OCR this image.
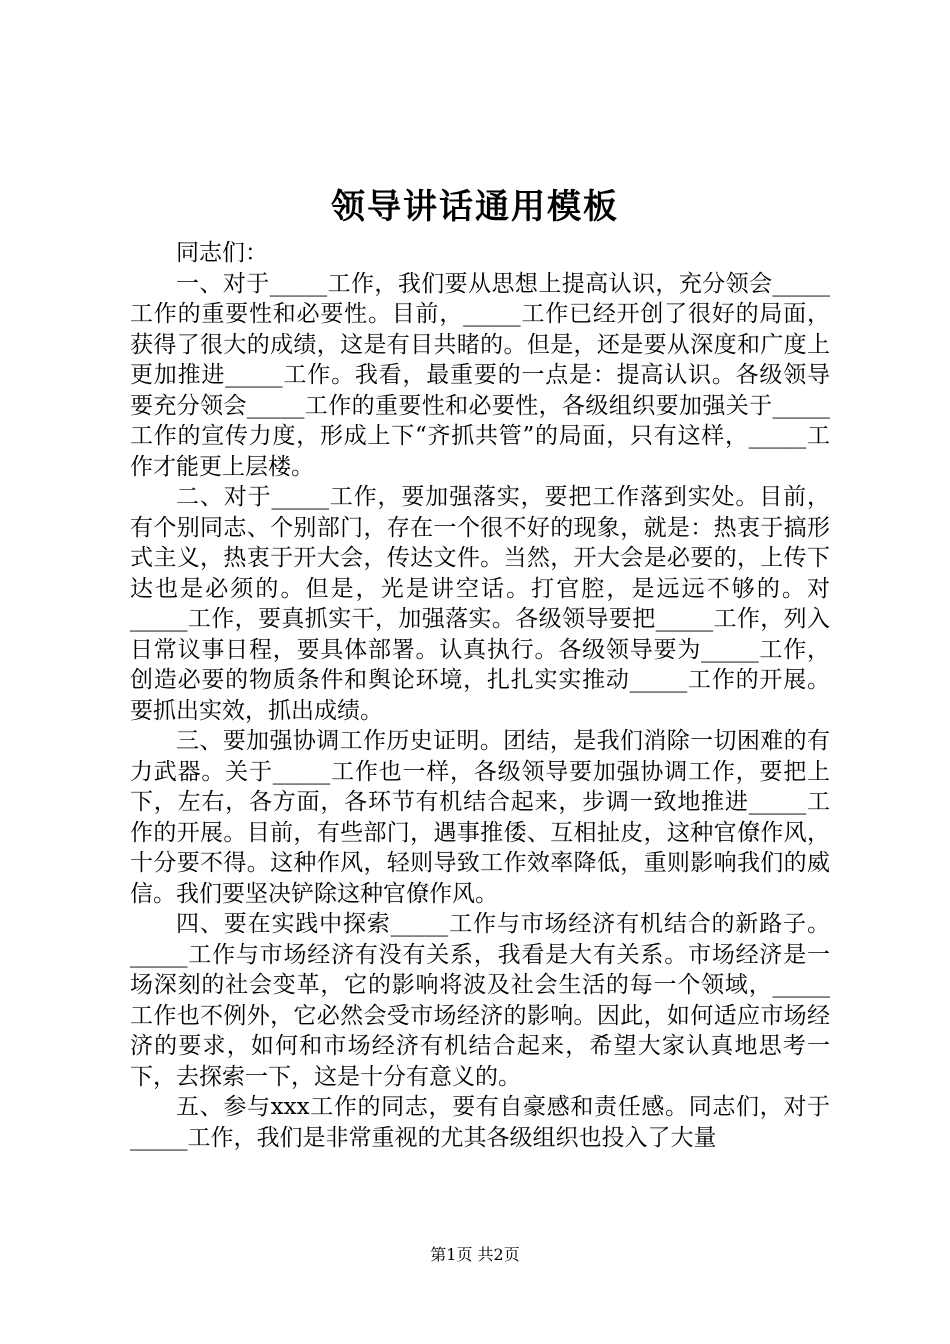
领导讲话通用模板

同志们：

一、对于_____工作，我们要从思想上提高认识，充分领会_____工作的重要性和必要性。目前，_____工作已经开创了很好的局面，获得了很大的成绩，这是有目共睹的。但是，还是要从深度和广度上更加推进_____工作。我看，最重要的一点是：提高认识。各级领导要充分领会_____工作的重要性和必要性，各级组织要加强关于_____工作的宣传力度，形成上下“齐抓共管”的局面，只有这样，_____工作才能更上层楼。

二、对于_____工作，要加强落实，要把工作落到实处。目前，有个别同志、个别部门，存在一个很不好的现象，就是：热衷于搞形式主义，热衷于开大会，传达文件。当然，开大会是必要的，上传下达也是必须的。但是，光是讲空话。打官腔，是远远不够的。对_____工作，要真抓实干，加强落实。各级领导要把_____工作，列入日常议事日程，要具体部署。认真执行。各级领导要为_____工作，创造必要的物质条件和舆论环境，扎扎实实推动_____工作的开展。要抓出实效，抓出成绩。

三、要加强协调工作历史证明。团结，是我们消除一切困难的有力武器。关于_____工作也一样，各级领导要加强协调工作，要把上下，左右，各方面，各环节有机结合起来，步调一致地推进_____工作的开展。目前，有些部门，遇事推倭、互相扯皮，这种官僚作风，十分要不得。这种作风，轻则导致工作效率降低，重则影响我们的威信。我们要坚决铲除这种官僚作风。

四、要在实践中探索_____工作与市场经济有机结合的新路子。_____工作与市场经济有没有关系，我看是大有关系。市场经济是一场深刻的社会变革，它的影响将波及社会生活的每一个领域，_____工作也不例外，它必然会受市场经济的影响。因此，如何适应市场经济的要求，如何和市场经济有机结合起来，希望大家认真地思考一下，去探索一下，这是十分有意义的。

五、参与xxx工作的同志，要有自豪感和责任感。同志们，对于_____工作，我们是非常重视的尤其各级组织也投入了大量

第1页 共2页
